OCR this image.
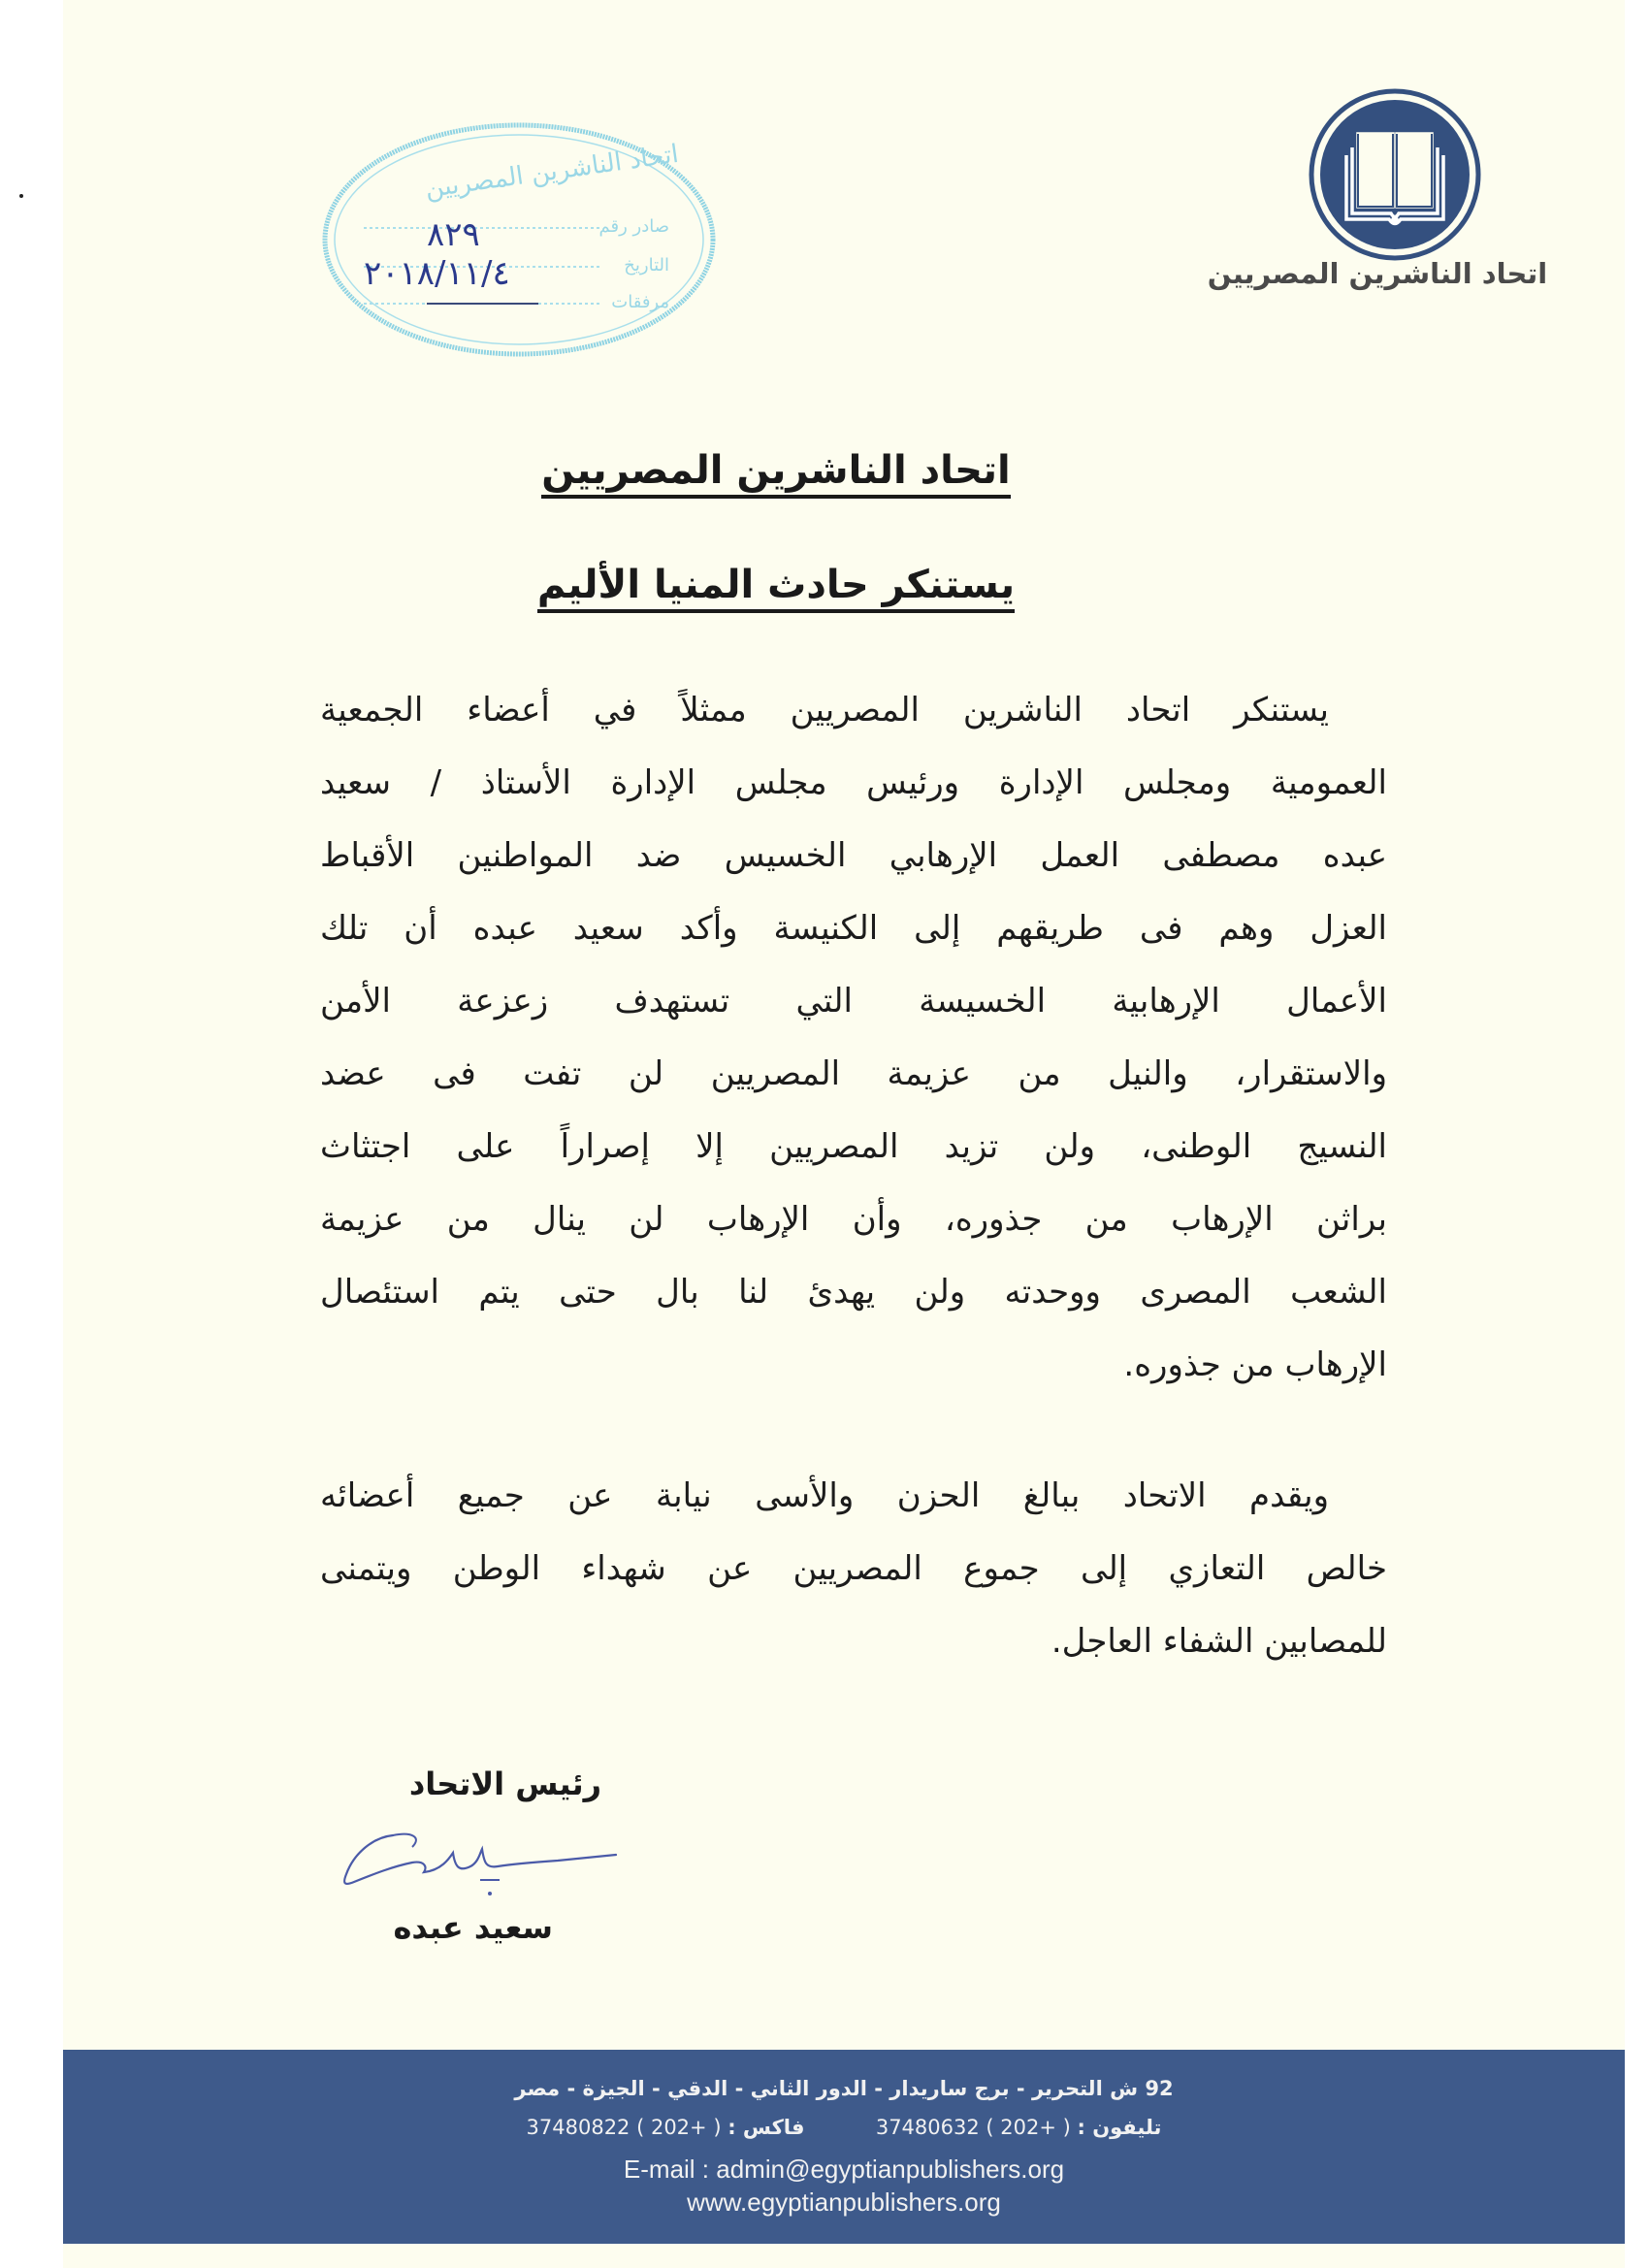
اتحاد الناشرين المصريين
اتحاد الناشرين المصريين
صادر رقم
التاريخ
مرفقات
٨٢٩
٢٠١٨/١١/٤
اتحاد الناشرين المصريين
يستنكر حادث المنيا الأليم
يستنكر اتحاد الناشرين المصريين ممثلاً في أعضاء الجمعية
العمومية ومجلس الإدارة ورئيس مجلس الإدارة الأستاذ / سعيد
عبده مصطفى العمل الإرهابي الخسيس ضد المواطنين الأقباط
العزل وهم فى طريقهم إلى الكنيسة وأكد سعيد عبده أن تلك
الأعمال الإرهابية الخسيسة التي تستهدف زعزعة الأمن
والاستقرار، والنيل من عزيمة المصريين لن تفت فى عضد
النسيج الوطنى، ولن تزيد المصريين إلا إصراراً على اجتثاث
براثن الإرهاب من جذوره، وأن الإرهاب لن ينال من عزيمة
الشعب المصرى ووحدته ولن يهدئ لنا بال حتى يتم استئصال
الإرهاب من جذوره.
ويقدم الاتحاد ببالغ الحزن والأسى نيابة عن جميع أعضائه
خالص التعازي إلى جموع المصريين عن شهداء الوطن ويتمنى
للمصابين الشفاء العاجل.
رئيس الاتحاد
سعيد عبده
92 ش التحرير - برج ساريدار - الدور الثاني - الدقي - الجيزة - مصر
تليفون : 37480632 ( 202+ )  فاكس : 37480822 ( 202+ )
E-mail : admin@egyptianpublishers.org
www.egyptianpublishers.org
